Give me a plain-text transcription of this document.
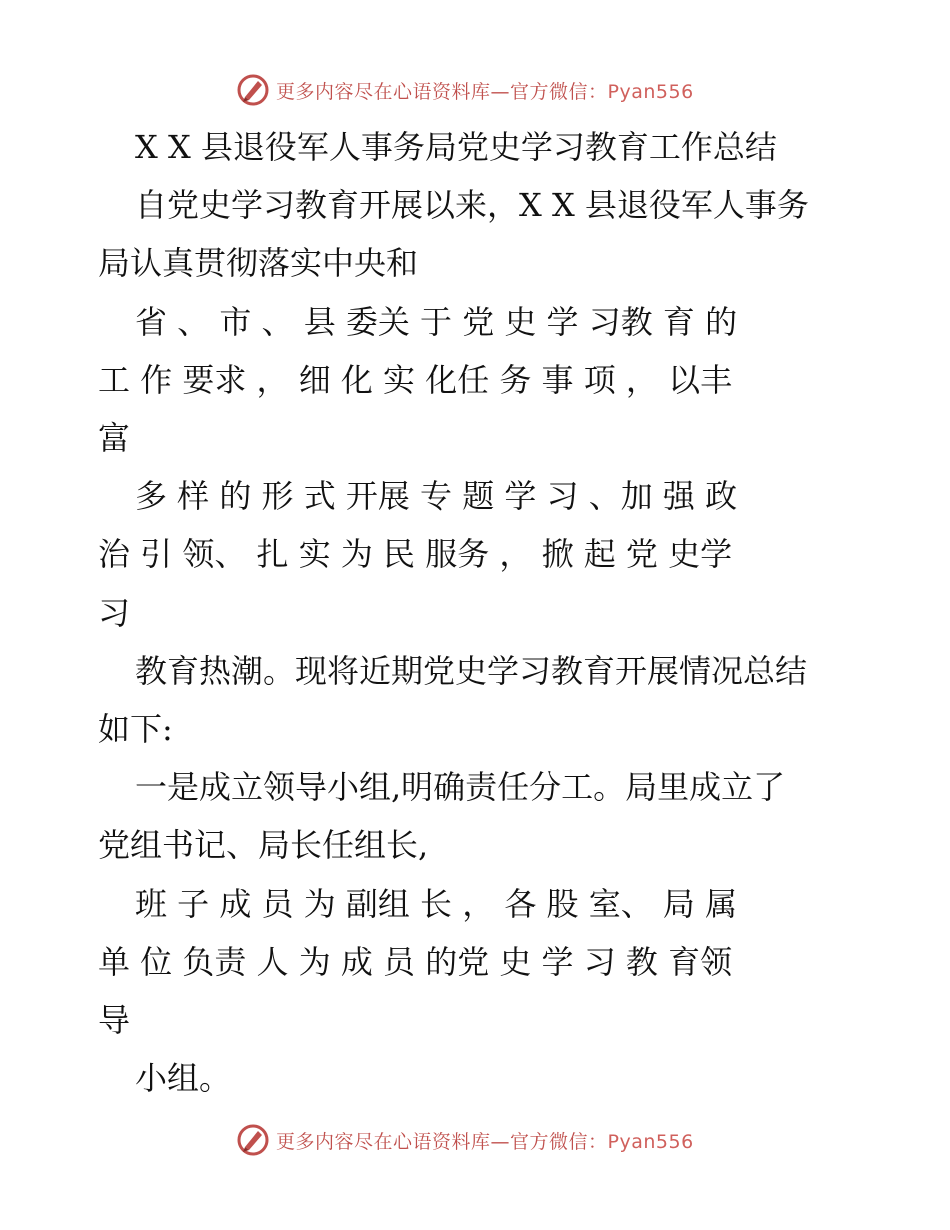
更多内容尽在心语资料库—官方微信：Pyan556
X X 县退役军人事务局党史学习教育工作总结
自党史学习教育开展以来，X X 县退役军人事务
局认真贯彻落实中央和
省 、 市 、 县 委关 于 党 史 学 习教 育 的
工 作 要求 ， 细 化 实 化任 务 事 项 ， 以丰
富
多 样 的 形 式 开展 专 题 学 习 、加 强 政
治 引 领、 扎 实 为 民 服务 ， 掀 起 党 史学
习
教育热潮。现将近期党史学习教育开展情况总结
如下:
一是成立领导小组,明确责任分工。局里成立了
党组书记、局长任组长,
班 子 成 员 为 副组 长 ， 各 股 室、 局 属
单 位 负责 人 为 成 员 的党 史 学 习 教 育领
导
小组。
更多内容尽在心语资料库—官方微信：Pyan556
